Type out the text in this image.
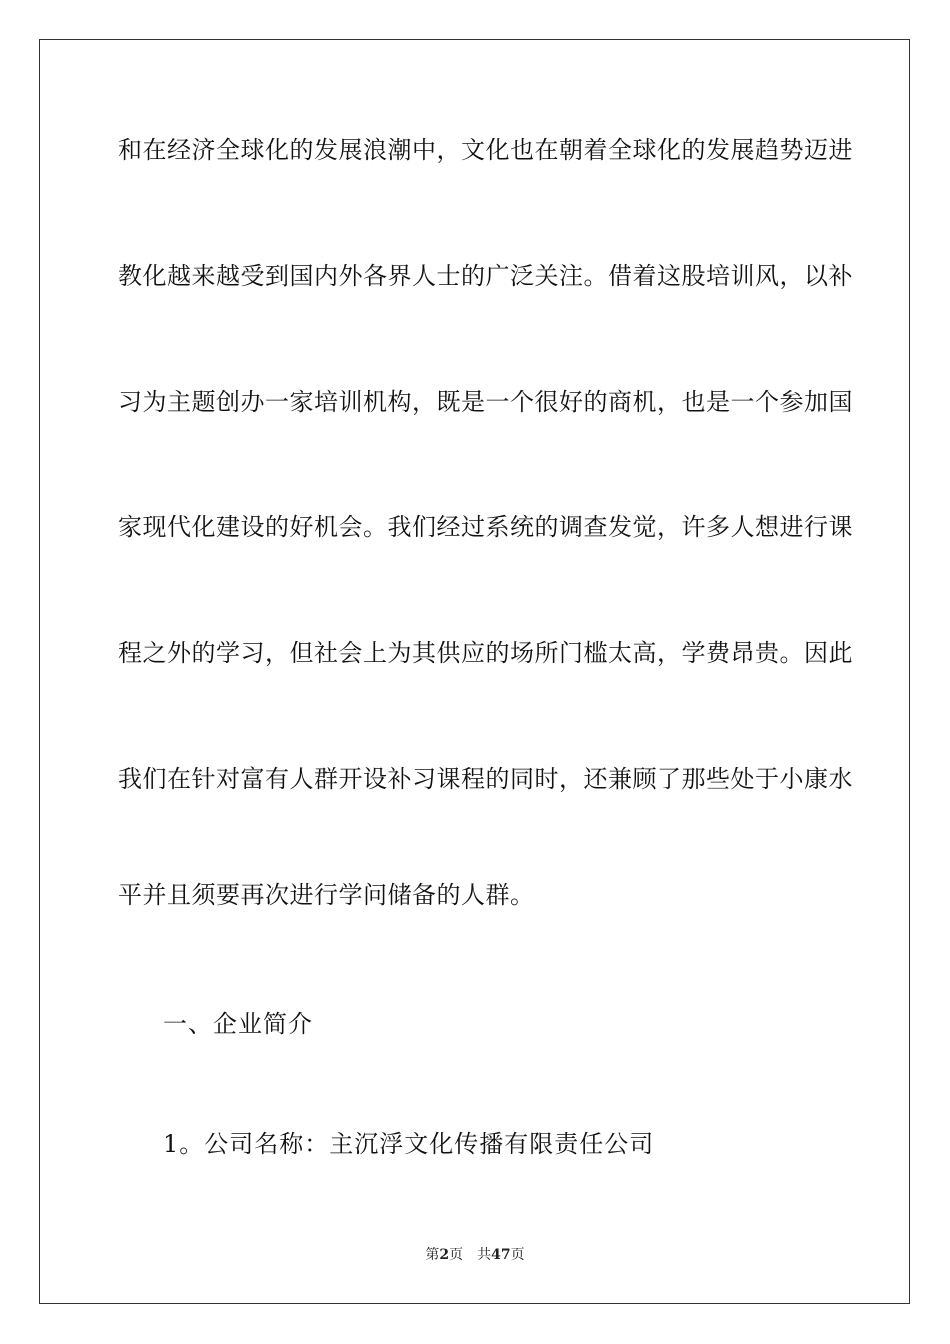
和在经济全球化的发展浪潮中，文化也在朝着全球化的发展趋势迈进
教化越来越受到国内外各界人士的广泛关注。借着这股培训风，以补
习为主题创办一家培训机构，既是一个很好的商机，也是一个参加国
家现代化建设的好机会。我们经过系统的调查发觉，许多人想进行课
程之外的学习，但社会上为其供应的场所门槛太高，学费昂贵。因此
我们在针对富有人群开设补习课程的同时，还兼顾了那些处于小康水
平并且须要再次进行学问储备的人群。
一、企业简介
1。公司名称：主沉浮文化传播有限责任公司
第2页 共47页
